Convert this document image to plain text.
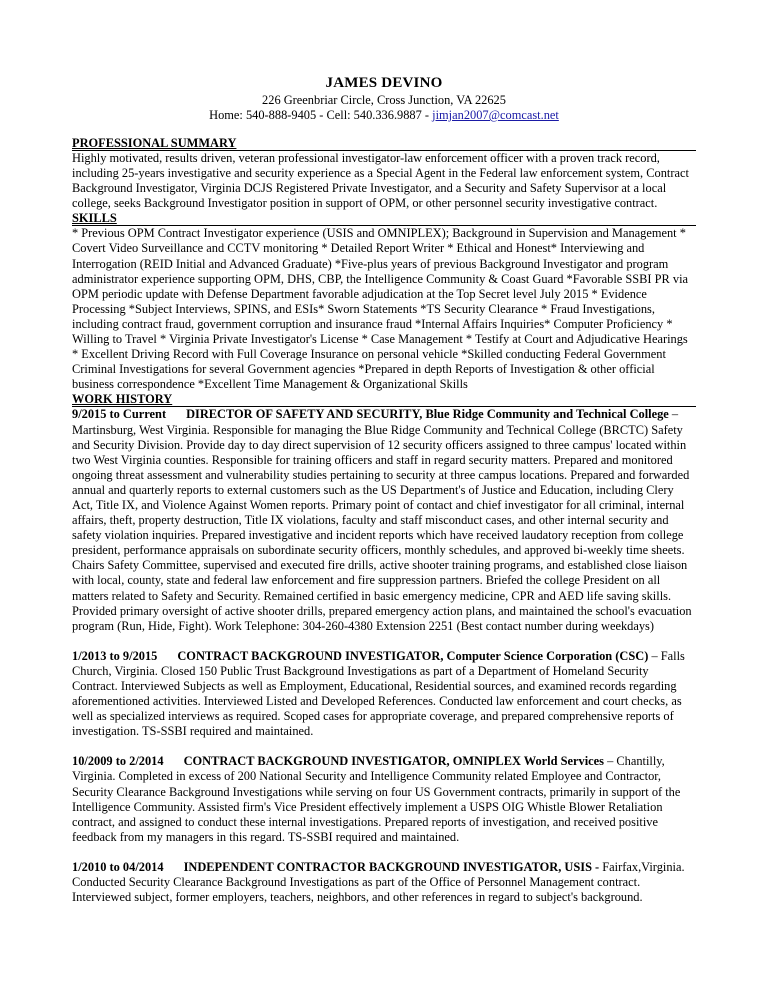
JAMES DEVINO
226 Greenbriar Circle, Cross Junction, VA 22625
Home: 540-888-9405 - Cell: 540.336.9887 - jimjan2007@comcast.net
PROFESSIONAL SUMMARY

Highly motivated, results driven, veteran professional investigator-law enforcement officer with a proven track record, including 25-years investigative and security experience as a Special Agent in the Federal law enforcement system, Contract Background Investigator, Virginia DCJS Registered Private Investigator, and a Security and Safety Supervisor at a local college, seeks Background Investigator position in support of OPM, or other personnel security investigative contract.

SKILLS

* Previous OPM Contract Investigator experience (USIS and OMNIPLEX); Background in Supervision and Management * Covert Video Surveillance and CCTV monitoring * Detailed Report Writer * Ethical and Honest* Interviewing and Interrogation (REID Initial and Advanced Graduate) *Five-plus years of previous Background Investigator and program administrator experience supporting OPM, DHS, CBP, the Intelligence Community & Coast Guard *Favorable SSBI PR via OPM periodic update with Defense Department favorable adjudication at the Top Secret level July 2015 * Evidence Processing *Subject Interviews, SPINS, and ESIs* Sworn Statements *TS Security Clearance * Fraud Investigations, including contract fraud, government corruption and insurance fraud *Internal Affairs Inquiries* Computer Proficiency * Willing to Travel * Virginia Private Investigator's License * Case Management * Testify at Court and Adjudicative Hearings * Excellent Driving Record with Full Coverage Insurance on personal vehicle *Skilled conducting Federal Government Criminal Investigations for several Government agencies *Prepared in depth Reports of Investigation & other official business correspondence *Excellent Time Management & Organizational Skills

WORK HISTORY

9/2015 to Current DIRECTOR OF SAFETY AND SECURITY, Blue Ridge Community and Technical College – Martinsburg, West Virginia. Responsible for managing the Blue Ridge Community and Technical College (BRCTC) Safety and Security Division. Provide day to day direct supervision of 12 security officers assigned to three campus' located within two West Virginia counties. Responsible for training officers and staff in regard security matters. Prepared and monitored ongoing threat assessment and vulnerability studies pertaining to security at three campus locations. Prepared and forwarded annual and quarterly reports to external customers such as the US Department's of Justice and Education, including Clery Act, Title IX, and Violence Against Women reports. Primary point of contact and chief investigator for all criminal, internal affairs, theft, property destruction, Title IX violations, faculty and staff misconduct cases, and other internal security and safety violation inquiries. Prepared investigative and incident reports which have received laudatory reception from college president, performance appraisals on subordinate security officers, monthly schedules, and approved bi-weekly time sheets. Chairs Safety Committee, supervised and executed fire drills, active shooter training programs, and established close liaison with local, county, state and federal law enforcement and fire suppression partners. Briefed the college President on all matters related to Safety and Security. Remained certified in basic emergency medicine, CPR and AED life saving skills. Provided primary oversight of active shooter drills, prepared emergency action plans, and maintained the school's evacuation program (Run, Hide, Fight). Work Telephone: 304-260-4380 Extension 2251 (Best contact number during weekdays)

1/2013 to 9/2015 CONTRACT BACKGROUND INVESTIGATOR, Computer Science Corporation (CSC) – Falls Church, Virginia. Closed 150 Public Trust Background Investigations as part of a Department of Homeland Security Contract. Interviewed Subjects as well as Employment, Educational, Residential sources, and examined records regarding aforementioned activities. Interviewed Listed and Developed References. Conducted law enforcement and court checks, as well as specialized interviews as required. Scoped cases for appropriate coverage, and prepared comprehensive reports of investigation. TS-SSBI required and maintained.

10/2009 to 2/2014 CONTRACT BACKGROUND INVESTIGATOR, OMNIPLEX World Services – Chantilly, Virginia. Completed in excess of 200 National Security and Intelligence Community related Employee and Contractor, Security Clearance Background Investigations while serving on four US Government contracts, primarily in support of the Intelligence Community. Assisted firm's Vice President effectively implement a USPS OIG Whistle Blower Retaliation contract, and assigned to conduct these internal investigations. Prepared reports of investigation, and received positive feedback from my managers in this regard. TS-SSBI required and maintained.

1/2010 to 04/2014 INDEPENDENT CONTRACTOR BACKGROUND INVESTIGATOR, USIS - Fairfax,Virginia. Conducted Security Clearance Background Investigations as part of the Office of Personnel Management contract. Interviewed subject, former employers, teachers, neighbors, and other references in regard to subject's background.
